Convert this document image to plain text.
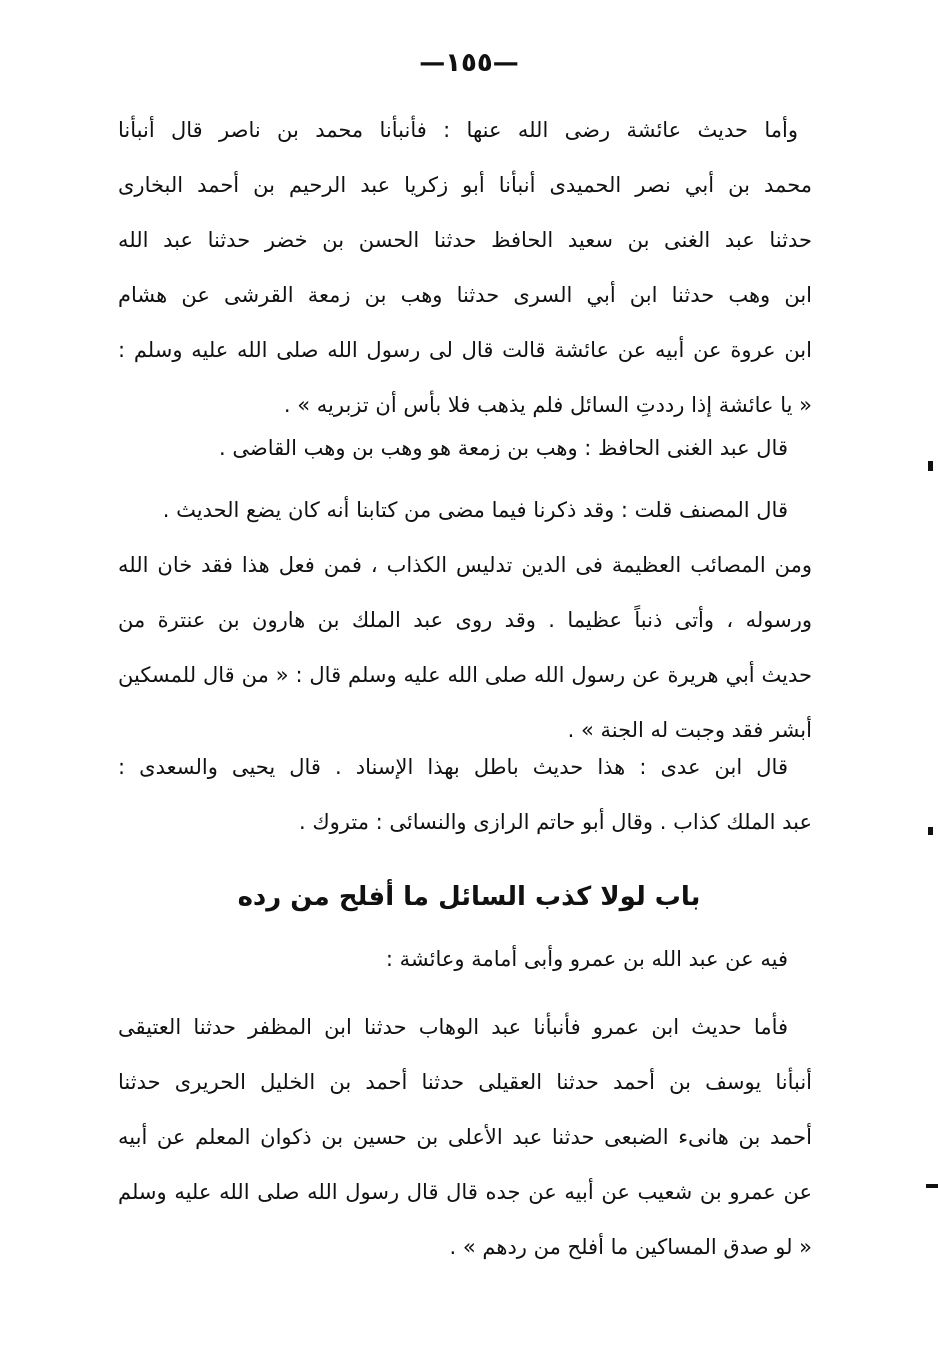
—١٥٥—
وأما حديث عائشة رضى الله عنها : فأنبأنا محمد بن ناصر قال أنبأنا
محمد بن أبي نصر الحميدى أنبأنا أبو زكريا عبد الرحيم بن أحمد البخارى
حدثنا عبد الغنى بن سعيد الحافظ حدثنا الحسن بن خضر حدثنا عبد الله
ابن وهب حدثنا ابن أبي السرى حدثنا وهب بن زمعة القرشى عن هشام
ابن عروة عن أبيه عن عائشة قالت قال لى رسول الله صلى الله عليه وسلم :
« يا عائشة إذا رددتِ السائل فلم يذهب فلا بأس أن تزبريه » .
قال عبد الغنى الحافظ : وهب بن زمعة هو وهب بن وهب القاضى .
قال المصنف قلت : وقد ذكرنا فيما مضى من كتابنا أنه كان يضع الحديث .
ومن المصائب العظيمة فى الدين تدليس الكذاب ، فمن فعل هذا فقد خان الله
ورسوله ، وأتى ذنباً عظيما . وقد روى عبد الملك بن هارون بن عنترة من
حديث أبي هريرة عن رسول الله صلى الله عليه وسلم قال : « من قال للمسكين
أبشر فقد وجبت له الجنة » .
قال ابن عدى : هذا حديث باطل بهذا الإسناد . قال يحيى والسعدى :
عبد الملك كذاب . وقال أبو حاتم الرازى والنسائى : متروك .
باب لولا كذب السائل ما أفلح من رده
فيه عن عبد الله بن عمرو وأبى أمامة وعائشة :
فأما حديث ابن عمرو فأنبأنا عبد الوهاب حدثنا ابن المظفر حدثنا العتيقى
أنبأنا يوسف بن أحمد حدثنا العقيلى حدثنا أحمد بن الخليل الحريرى حدثنا
أحمد بن هانىء الضبعى حدثنا عبد الأعلى بن حسين بن ذكوان المعلم عن أبيه
عن عمرو بن شعيب عن أبيه عن جده قال قال رسول الله صلى الله عليه وسلم
« لو صدق المساكين ما أفلح من ردهم » .
